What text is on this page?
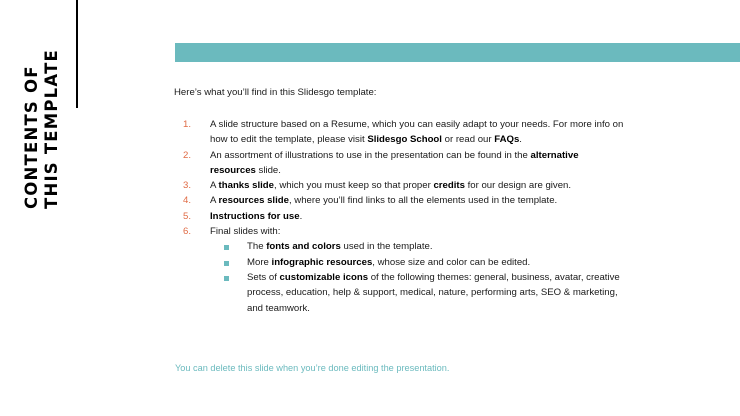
CONTENTS OF THIS TEMPLATE	Here’s what you’ll find in this Slidesgo template:
1.	A slide structure based on a Resume, which you can easily adapt to your needs. For more info on how to edit the template, please visit Slidesgo School or read our FAQs.
2.	An assortment of illustrations to use in the presentation can be found in the alternative resources slide.
3.	A thanks slide, which you must keep so that proper credits for our design are given.
4.	A resources slide, where you’ll find links to all the elements used in the template.
5.	Instructions for use.
6.	Final slides with:
The fonts and colors used in the template.
More infographic resources, whose size and color can be edited.
Sets of customizable icons of the following themes: general, business, avatar, creative process, education, help & support, medical, nature, performing arts, SEO & marketing, and teamwork.
You can delete this slide when you’re done editing the presentation.
